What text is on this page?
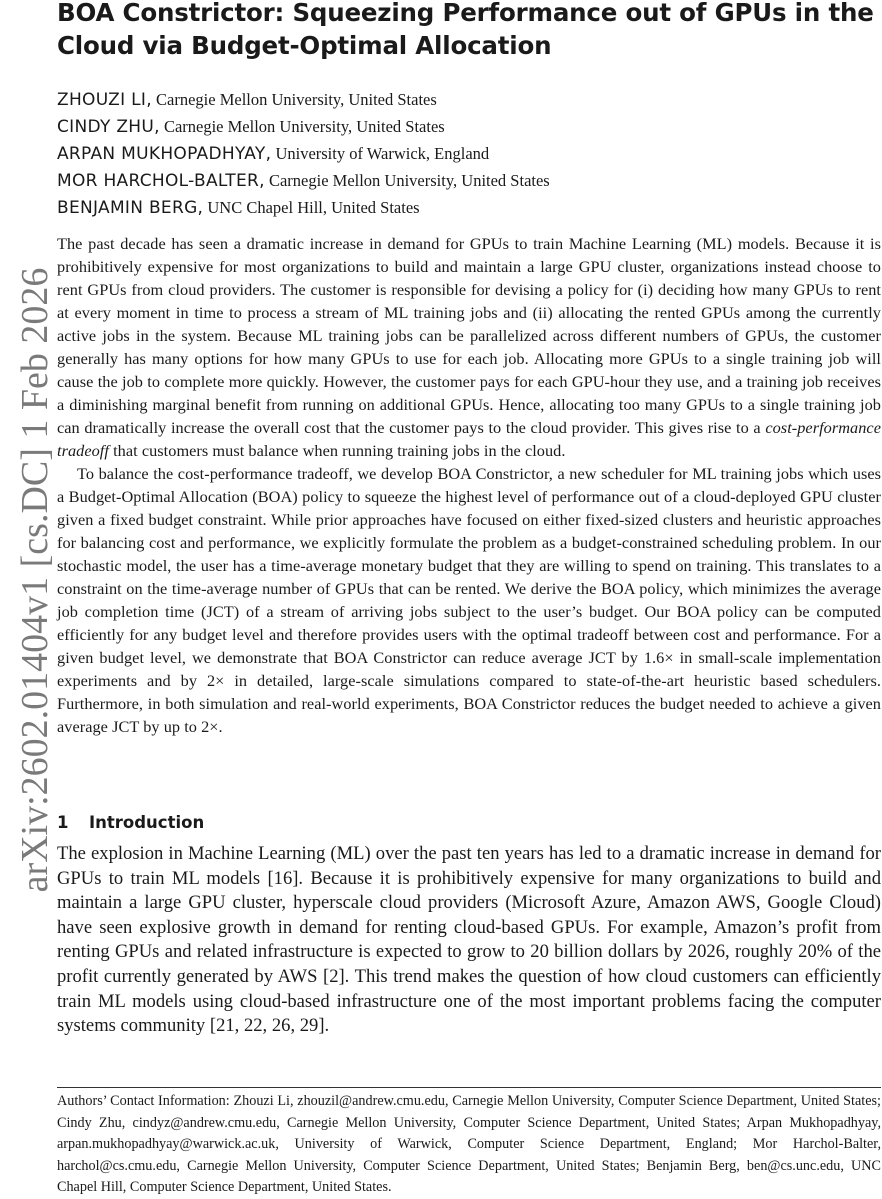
arXiv:2602.01404v1 [cs.DC] 1 Feb 2026
BOA Constrictor: Squeezing Performance out of GPUs in the Cloud via Budget-Optimal Allocation
ZHOUZI LI, Carnegie Mellon University, United States
CINDY ZHU, Carnegie Mellon University, United States
ARPAN MUKHOPADHYAY, University of Warwick, England
MOR HARCHOL-BALTER, Carnegie Mellon University, United States
BENJAMIN BERG, UNC Chapel Hill, United States

The past decade has seen a dramatic increase in demand for GPUs to train Machine Learning (ML) models. Because it is prohibitively expensive for most organizations to build and maintain a large GPU cluster, organizations instead choose to rent GPUs from cloud providers. The customer is responsible for devising a policy for (i) deciding how many GPUs to rent at every moment in time to process a stream of ML training jobs and (ii) allocating the rented GPUs among the currently active jobs in the system. Because ML training jobs can be parallelized across different numbers of GPUs, the customer generally has many options for how many GPUs to use for each job. Allocating more GPUs to a single training job will cause the job to complete more quickly. However, the customer pays for each GPU-hour they use, and a training job receives a diminishing marginal benefit from running on additional GPUs. Hence, allocating too many GPUs to a single training job can dramatically increase the overall cost that the customer pays to the cloud provider. This gives rise to a cost-performance tradeoff that customers must balance when running training jobs in the cloud.

To balance the cost-performance tradeoff, we develop BOA Constrictor, a new scheduler for ML training jobs which uses a Budget-Optimal Allocation (BOA) policy to squeeze the highest level of performance out of a cloud-deployed GPU cluster given a fixed budget constraint. While prior approaches have focused on either fixed-sized clusters and heuristic approaches for balancing cost and performance, we explicitly formulate the problem as a budget-constrained scheduling problem. In our stochastic model, the user has a time-average monetary budget that they are willing to spend on training. This translates to a constraint on the time-average number of GPUs that can be rented. We derive the BOA policy, which minimizes the average job completion time (JCT) of a stream of arriving jobs subject to the user’s budget. Our BOA policy can be computed efficiently for any budget level and therefore provides users with the optimal tradeoff between cost and performance. For a given budget level, we demonstrate that BOA Constrictor can reduce average JCT by 1.6× in small-scale implementation experiments and by 2× in detailed, large-scale simulations compared to state-of-the-art heuristic based schedulers. Furthermore, in both simulation and real-world experiments, BOA Constrictor reduces the budget needed to achieve a given average JCT by up to 2×.

1 Introduction

The explosion in Machine Learning (ML) over the past ten years has led to a dramatic increase in demand for GPUs to train ML models [16]. Because it is prohibitively expensive for many organizations to build and maintain a large GPU cluster, hyperscale cloud providers (Microsoft Azure, Amazon AWS, Google Cloud) have seen explosive growth in demand for renting cloud-based GPUs. For example, Amazon’s profit from renting GPUs and related infrastructure is expected to grow to 20 billion dollars by 2026, roughly 20% of the profit currently generated by AWS [2]. This trend makes the question of how cloud customers can efficiently train ML models using cloud-based infrastructure one of the most important problems facing the computer systems community [21, 22, 26, 29].

Authors’ Contact Information: Zhouzi Li, zhouzil@andrew.cmu.edu, Carnegie Mellon University, Computer Science Department, United States; Cindy Zhu, cindyz@andrew.cmu.edu, Carnegie Mellon University, Computer Science Department, United States; Arpan Mukhopadhyay, arpan.mukhopadhyay@warwick.ac.uk, University of Warwick, Computer Science Department, England; Mor Harchol-Balter, harchol@cs.cmu.edu, Carnegie Mellon University, Computer Science Department, United States; Benjamin Berg, ben@cs.unc.edu, UNC Chapel Hill, Computer Science Department, United States.
